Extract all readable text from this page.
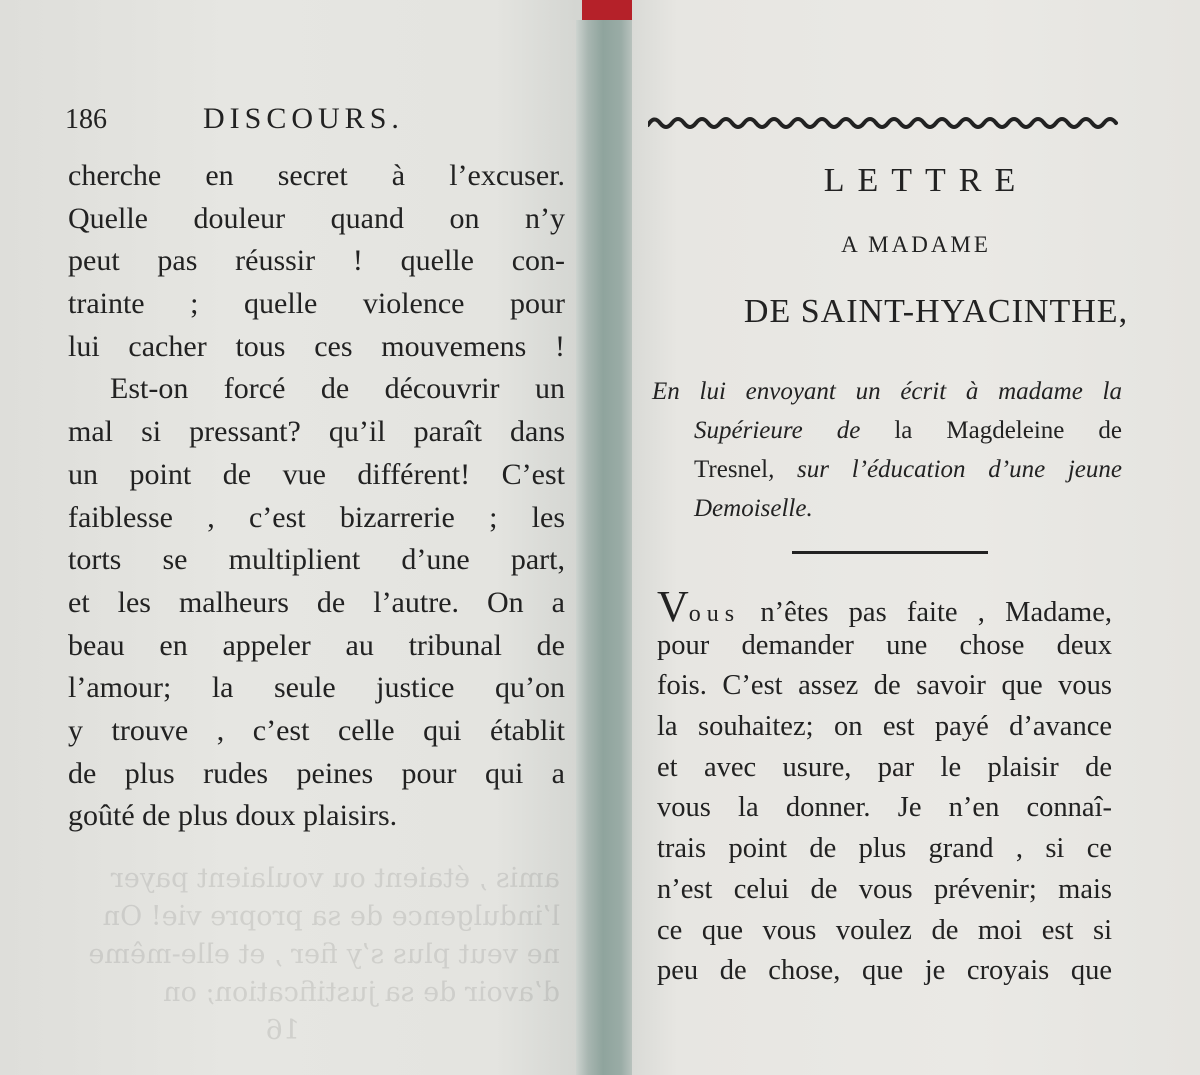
186	DISCOURS.
cherche en secret à l’excuser.
Quelle douleur quand on n’y
peut pas réussir ! quelle con-
trainte ; quelle violence pour
lui cacher tous ces mouvemens !
Est-on forcé de découvrir un
mal si pressant? qu’il paraît dans
un point de vue différent! C’est
faiblesse , c’est bizarrerie ; les
torts se multiplient d’une part,
et les malheurs de l’autre. On a
beau en appeler au tribunal de
l’amour; la seule justice qu’on
y trouve , c’est celle qui établit
de plus rudes peines pour qui a
goûté de plus doux plaisirs.
amis , étaient ou voulaient payer
l’indulgence de sa propre vie! On
ne veut plus s’y fier , et elle-même
d’avoir de sa justification; on
16
LETTRE
A MADAME
DE SAINT-HYACINTHE,
En lui envoyant un écrit à madame la
Supérieure de la Magdeleine de
Tresnel, sur l’éducation d’une jeune
Demoiselle.
Vous n’êtes pas faite , Madame,
pour demander une chose deux
fois. C’est assez de savoir que vous
la souhaitez; on est payé d’avance
et avec usure, par le plaisir de
vous la donner. Je n’en connaî-
trais point de plus grand , si ce
n’est celui de vous prévenir; mais
ce que vous voulez de moi est si
peu de chose, que je croyais que
